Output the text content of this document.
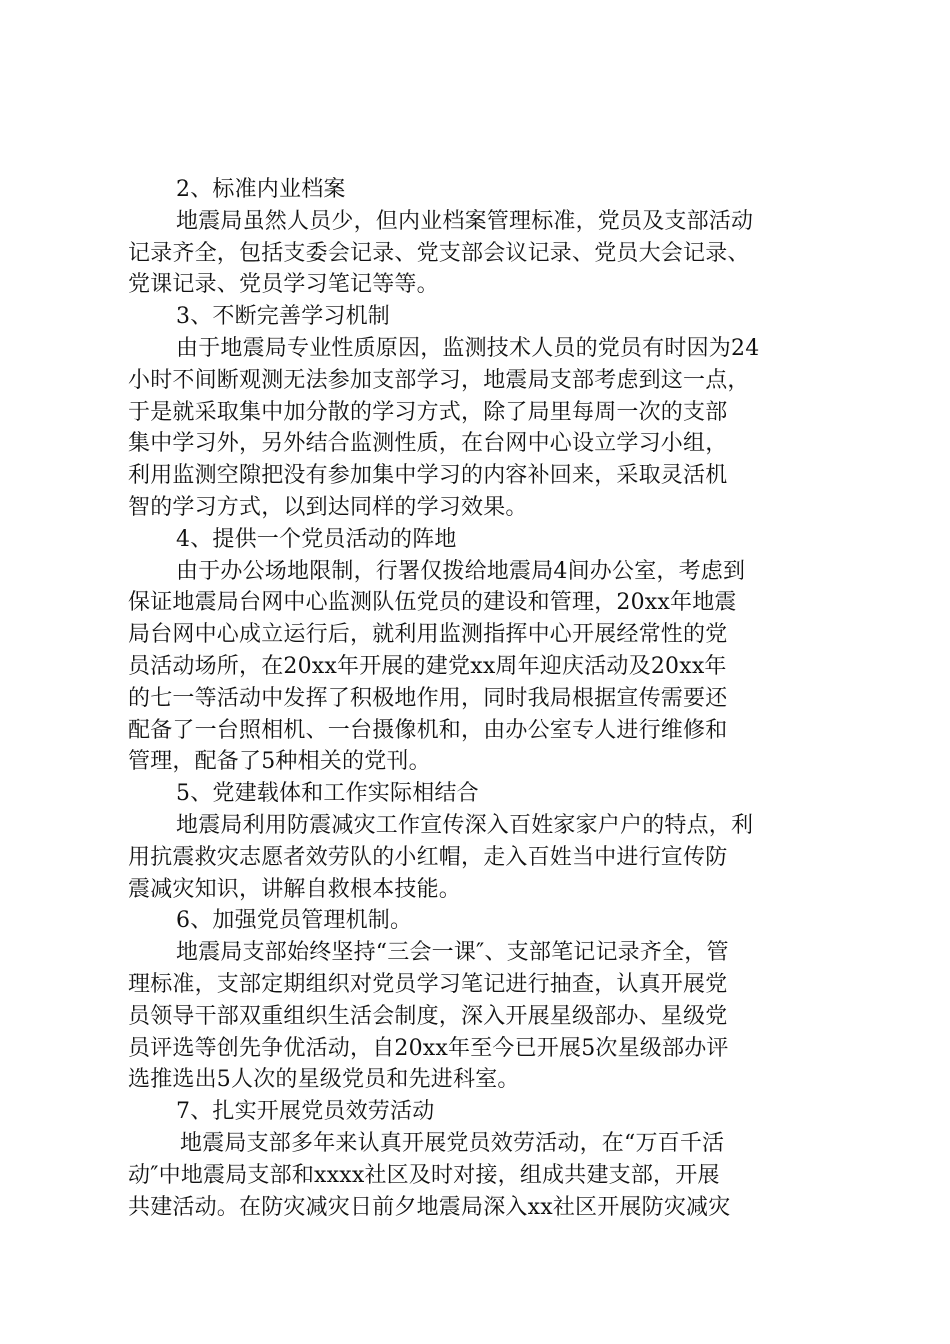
2、标准内业档案
地震局虽然人员少，但内业档案管理标准，党员及支部活动
记录齐全，包括支委会记录、党支部会议记录、党员大会记录、
党课记录、党员学习笔记等等。
3、不断完善学习机制
由于地震局专业性质原因，监测技术人员的党员有时因为24
小时不间断观测无法参加支部学习，地震局支部考虑到这一点，
于是就采取集中加分散的学习方式，除了局里每周一次的支部
集中学习外，另外结合监测性质，在台网中心设立学习小组，
利用监测空隙把没有参加集中学习的内容补回来，采取灵活机
智的学习方式，以到达同样的学习效果。
4、提供一个党员活动的阵地
由于办公场地限制，行署仅拨给地震局4间办公室，考虑到
保证地震局台网中心监测队伍党员的建设和管理，20xx年地震
局台网中心成立运行后，就利用监测指挥中心开展经常性的党
员活动场所，在20xx年开展的建党xx周年迎庆活动及20xx年
的七一等活动中发挥了积极地作用，同时我局根据宣传需要还
配备了一台照相机、一台摄像机和，由办公室专人进行维修和
管理，配备了5种相关的党刊。
5、党建载体和工作实际相结合
地震局利用防震减灾工作宣传深入百姓家家户户的特点，利
用抗震救灾志愿者效劳队的小红帽，走入百姓当中进行宣传防
震减灾知识，讲解自救根本技能。
6、加强党员管理机制。
地震局支部始终坚持“三会一课″、支部笔记记录齐全，管
理标准，支部定期组织对党员学习笔记进行抽查，认真开展党
员领导干部双重组织生活会制度，深入开展星级部办、星级党
员评选等创先争优活动，自20xx年至今已开展5次星级部办评
选推选出5人次的星级党员和先进科室。
7、扎实开展党员效劳活动
地震局支部多年来认真开展党员效劳活动，在“万百千活
动″中地震局支部和xxxx社区及时对接，组成共建支部，开展
共建活动。在防灾减灾日前夕地震局深入xx社区开展防灾减灾
